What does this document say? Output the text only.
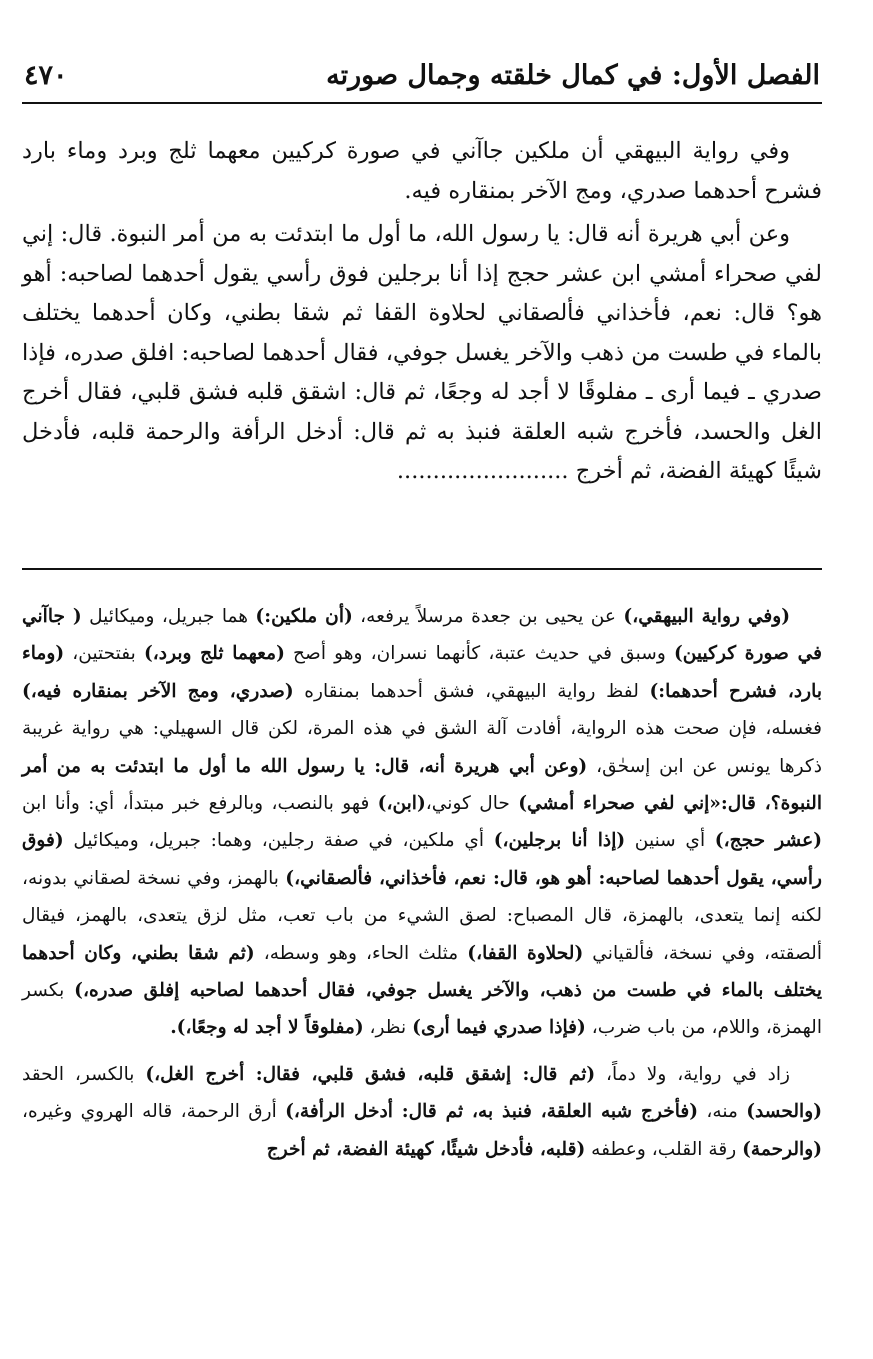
الفصل الأول: في كمال خلقته وجمال صورته
٤٧٠

وفي رواية البيهقي أن ملكين جاآني في صورة كركيين معهما ثلج وبرد وماء بارد فشرح أحدهما صدري، ومج الآخر بمنقاره فيه.

وعن أبي هريرة أنه قال: يا رسول الله، ما أول ما ابتدئت به من أمر النبوة. قال: إني لفي صحراء أمشي ابن عشر حجج إذا أنا برجلين فوق رأسي يقول أحدهما لصاحبه: أهو هو؟ قال: نعم، فأخذاني فألصقاني لحلاوة القفا ثم شقا بطني، وكان أحدهما يختلف بالماء في طست من ذهب والآخر يغسل جوفي، فقال أحدهما لصاحبه: افلق صدره، فإذا صدري ـ فيما أرى ـ مفلوقًا لا أجد له وجعًا، ثم قال: اشقق قلبه فشق قلبي، فقال أخرج الغل والحسد، فأخرج شبه العلقة فنبذ به ثم قال: أدخل الرأفة والرحمة قلبه، فأدخل شيئًا كهيئة الفضة، ثم أخرج ........................

(وفي رواية البيهقي،) عن يحيى بن جعدة مرسلاً يرفعه، (أن ملكين:) هما جبريل، وميكائيل ( جاآني في صورة كركيين) وسبق في حديث عتبة، كأنهما نسران، وهو أصح (معهما ثلج وبرد،) بفتحتين، (وماء بارد، فشرح أحدهما:) لفظ رواية البيهقي، فشق أحدهما بمنقاره (صدري، ومج الآخر بمنقاره فيه،) فغسله، فإن صحت هذه الرواية، أفادت آلة الشق في هذه المرة، لكن قال السهيلي: هي رواية غريبة ذكرها يونس عن ابن إسحٰق، (وعن أبي هريرة أنه، قال: يا رسول الله ما أول ما ابتدئت به من أمر النبوة؟، قال:«إني لفي صحراء أمشي) حال كوني،(ابن،) فهو بالنصب، وبالرفع خبر مبتدأ، أي: وأنا ابن (عشر حجج،) أي سنين (إذا أنا برجلين،) أي ملكين، في صفة رجلين، وهما: جبريل، وميكائيل (فوق رأسي، يقول أحدهما لصاحبه: أهو هو، قال: نعم، فأخذاني، فألصقاني،) بالهمز، وفي نسخة لصقاني بدونه، لكنه إنما يتعدى، بالهمزة، قال المصباح: لصق الشيء من باب تعب، مثل لزق يتعدى، بالهمز، فيقال ألصقته، وفي نسخة، فألقياني (لحلاوة القفا،) مثلث الحاء، وهو وسطه، (ثم شقا بطني، وكان أحدهما يختلف بالماء في طست من ذهب، والآخر يغسل جوفي، فقال أحدهما لصاحبه إفلق صدره،) بكسر الهمزة، واللام، من باب ضرب، (فإذا صدري فيما أرى) نظر، (مفلوقاً لا أجد له وجعًا،).

زاد في رواية، ولا دماً، (ثم قال: إشقق قلبه، فشق قلبي، فقال: أخرج الغل،) بالكسر، الحقد (والحسد) منه، (فأخرج شبه العلقة، فنبذ به، ثم قال: أدخل الرأفة،) أرق الرحمة، قاله الهروي وغيره، (والرحمة) رقة القلب، وعطفه (قلبه، فأدخل شيئًا، كهيئة الفضة، ثم أخرج
